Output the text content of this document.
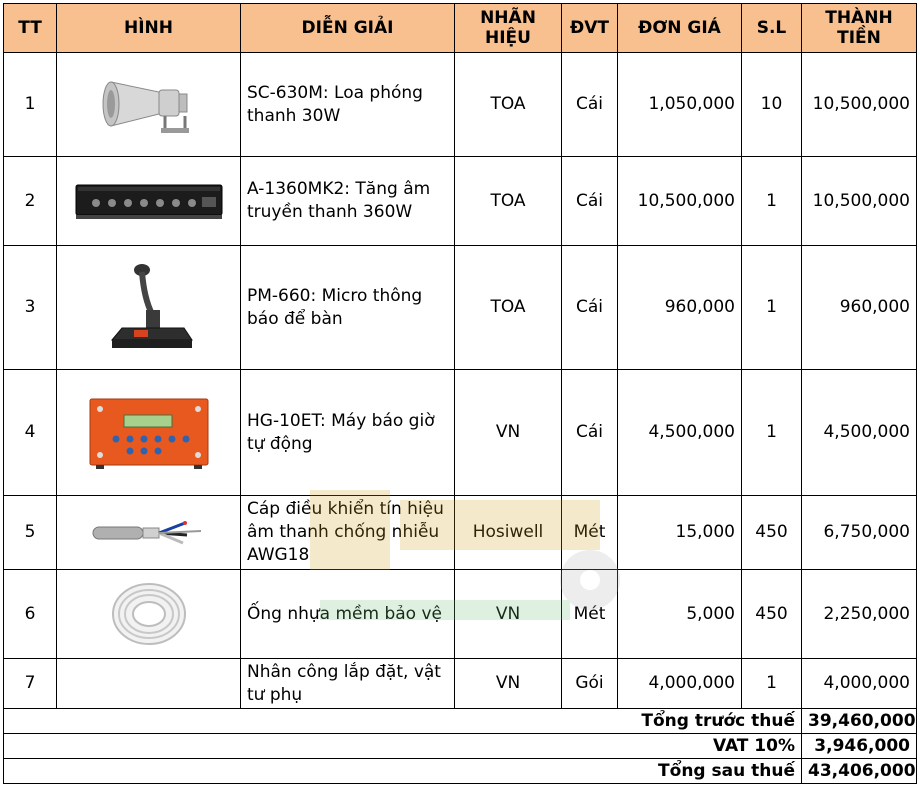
TT	HÌNH	DIỄN GIẢI	NHÃN HIỆU	ĐVT	ĐƠN GIÁ	S.L	THÀNH TIỀN
1		SC-630M: Loa phóng thanh 30W	TOA	Cái	1,050,000	10	10,500,000
2		A-1360MK2: Tăng âm truyền thanh 360W	TOA	Cái	10,500,000	1	10,500,000
3		PM-660: Micro thông báo để bàn	TOA	Cái	960,000	1	960,000
4		HG-10ET: Máy báo giờ tự động	VN	Cái	4,500,000	1	4,500,000
5		Cáp điều khiển tín hiệu âm thanh chống nhiễu AWG18	Hosiwell	Mét	15,000	450	6,750,000
6		Ống nhựa mềm bảo vệ	VN	Mét	5,000	450	2,250,000
7		Nhân công lắp đặt, vật tư phụ	VN	Gói	4,000,000	1	4,000,000
Tổng trước thuế							39,460,000
VAT 10%							3,946,000
Tổng sau thuế							43,406,000
